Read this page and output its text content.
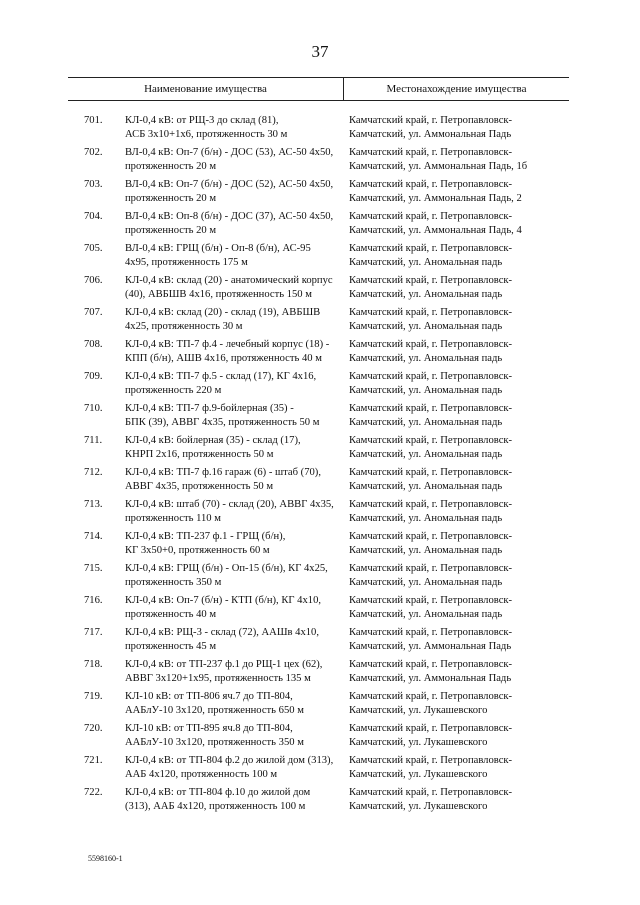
37
Наименование имущества	Местонахождение имущества
701. КЛ-0,4 кВ: от РЩ-3 до склад (81),
АСБ 3х10+1х6, протяженность 30 м
Камчатский край, г. Петропавловск-
Камчатский, ул. Аммональная Падь
702. ВЛ-0,4 кВ: Оп-7 (б/н) - ДОС (53), АС-50 4х50,
протяженность 20 м
Камчатский край, г. Петропавловск-
Камчатский, ул. Аммональная Падь, 1б
703. ВЛ-0,4 кВ: Оп-7 (б/н) - ДОС (52), АС-50 4х50,
протяженность 20 м
Камчатский край, г. Петропавловск-
Камчатский, ул. Аммональная Падь, 2
704. ВЛ-0,4 кВ: Оп-8 (б/н) - ДОС (37), АС-50 4х50,
протяженность 20 м
Камчатский край, г. Петропавловск-
Камчатский, ул. Аммональная Падь, 4
705. ВЛ-0,4 кВ: ГРЩ (б/н) - Оп-8 (б/н), АС-95
4х95, протяженность 175 м
Камчатский край, г. Петропавловск-
Камчатский, ул. Аномальная падь
706. КЛ-0,4 кВ: склад (20) - анатомический корпус
(40), АВБШВ 4х16, протяженность 150 м
Камчатский край, г. Петропавловск-
Камчатский, ул. Аномальная падь
707. КЛ-0,4 кВ: склад (20) - склад (19), АВБШВ
4х25, протяженность 30 м
Камчатский край, г. Петропавловск-
Камчатский, ул. Аномальная падь
708. КЛ-0,4 кВ: ТП-7 ф.4 - лечебный корпус (18) -
КПП (б/н), АШВ 4х16, протяженность 40 м
Камчатский край, г. Петропавловск-
Камчатский, ул. Аномальная падь
709. КЛ-0,4 кВ: ТП-7 ф.5 - склад (17), КГ 4х16,
протяженность 220 м
Камчатский край, г. Петропавловск-
Камчатский, ул. Аномальная падь
710. КЛ-0,4 кВ: ТП-7 ф.9-бойлерная (35) -
БПК (39), АВВГ 4х35, протяженность 50 м
Камчатский край, г. Петропавловск-
Камчатский, ул. Аномальная падь
711. КЛ-0,4 кВ: бойлерная (35) - склад (17),
КНРП 2х16, протяженность 50 м
Камчатский край, г. Петропавловск-
Камчатский, ул. Аномальная падь
712. КЛ-0,4 кВ: ТП-7 ф.16 гараж (6) - штаб (70),
АВВГ 4х35, протяженность 50 м
Камчатский край, г. Петропавловск-
Камчатский, ул. Аномальная падь
713. КЛ-0,4 кВ: штаб (70) - склад (20), АВВГ 4х35,
протяженность 110 м
Камчатский край, г. Петропавловск-
Камчатский, ул. Аномальная падь
714. КЛ-0,4 кВ: ТП-237 ф.1 - ГРЩ (б/н),
КГ 3х50+0, протяженность 60 м
Камчатский край, г. Петропавловск-
Камчатский, ул. Аномальная падь
715. КЛ-0,4 кВ: ГРЩ (б/н) - Оп-15 (б/н), КГ 4х25,
протяженность 350 м
Камчатский край, г. Петропавловск-
Камчатский, ул. Аномальная падь
716. КЛ-0,4 кВ: Оп-7 (б/н) - КТП (б/н), КГ 4х10,
протяженность 40 м
Камчатский край, г. Петропавловск-
Камчатский, ул. Аномальная падь
717. КЛ-0,4 кВ: РЩ-3 - склад (72), ААШв 4х10,
протяженность 45 м
Камчатский край, г. Петропавловск-
Камчатский, ул. Аммональная Падь
718. КЛ-0,4 кВ: от ТП-237 ф.1 до РЩ-1 цех (62),
АВВГ 3х120+1х95, протяженность 135 м
Камчатский край, г. Петропавловск-
Камчатский, ул. Аммональная Падь
719. КЛ-10 кВ: от ТП-806 яч.7 до ТП-804,
ААБлУ-10 3х120, протяженность 650 м
Камчатский край, г. Петропавловск-
Камчатский, ул. Лукашевского
720. КЛ-10 кВ: от ТП-895 яч.8 до ТП-804,
ААБлУ-10 3х120, протяженность 350 м
Камчатский край, г. Петропавловск-
Камчатский, ул. Лукашевского
721. КЛ-0,4 кВ: от ТП-804 ф.2 до жилой дом (313),
ААБ 4х120, протяженность 100 м
Камчатский край, г. Петропавловск-
Камчатский, ул. Лукашевского
722. КЛ-0,4 кВ: от ТП-804 ф.10 до жилой дом
(313), ААБ 4х120, протяженность 100 м
Камчатский край, г. Петропавловск-
Камчатский, ул. Лукашевского
5598160-1
